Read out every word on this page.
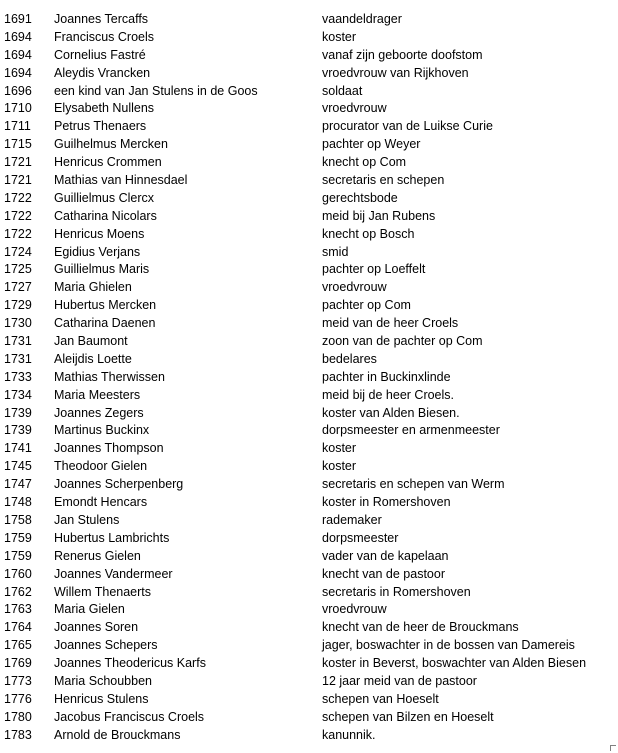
1691 Joannes Tercaffs	vaandeldrager
1694 Franciscus Croels	koster
1694 Cornelius Fastré	vanaf zijn geboorte doofstom
1694 Aleydis Vrancken	vroedvrouw van Rijkhoven
1696 een kind van Jan Stulens in de Goos	soldaat
1710 Elysabeth Nullens	vroedvrouw
1711 Petrus Thenaers	procurator van de Luikse Curie
1715 Guilhelmus Mercken	pachter op Weyer
1721 Henricus Crommen	knecht op Com
1721 Mathias van Hinnesdael	secretaris en schepen
1722 Guillielmus Clercx	gerechtsbode
1722 Catharina Nicolars	meid bij Jan Rubens
1722 Henricus Moens	knecht op Bosch
1724 Egidius Verjans	smid
1725 Guillielmus Maris	pachter op Loeffelt
1727 Maria Ghielen	vroedvrouw
1729 Hubertus Mercken	pachter op Com
1730 Catharina Daenen	meid van de heer Croels
1731 Jan Baumont	zoon van de pachter op Com
1731 Aleijdis Loette	bedelares
1733 Mathias Therwissen	pachter in Buckinxlinde
1734 Maria Meesters	meid bij de heer Croels.
1739 Joannes Zegers	koster van Alden Biesen.
1739 Martinus Buckinx	dorpsmeester en armenmeester
1741 Joannes Thompson	koster
1745 Theodoor Gielen	koster
1747 Joannes Scherpenberg	secretaris en schepen van Werm
1748 Emondt Hencars	koster in Romershoven
1758 Jan Stulens	rademaker
1759 Hubertus Lambrichts	dorpsmeester
1759 Renerus Gielen	vader van de kapelaan
1760 Joannes Vandermeer	knecht van de pastoor
1762 Willem Thenaerts	secretaris in Romershoven
1763 Maria Gielen	vroedvrouw
1764 Joannes Soren	knecht van de heer de Brouckmans
1765 Joannes Schepers	jager, boswachter in de bossen van Damereis
1769 Joannes Theodericus Karfs	koster in Beverst, boswachter van Alden Biesen
1773 Maria Schoubben	12 jaar meid van de pastoor
1776 Henricus Stulens	schepen van Hoeselt
1780 Jacobus Franciscus Croels	schepen van Bilzen en Hoeselt
1783 Arnold de Brouckmans	kanunnik.
